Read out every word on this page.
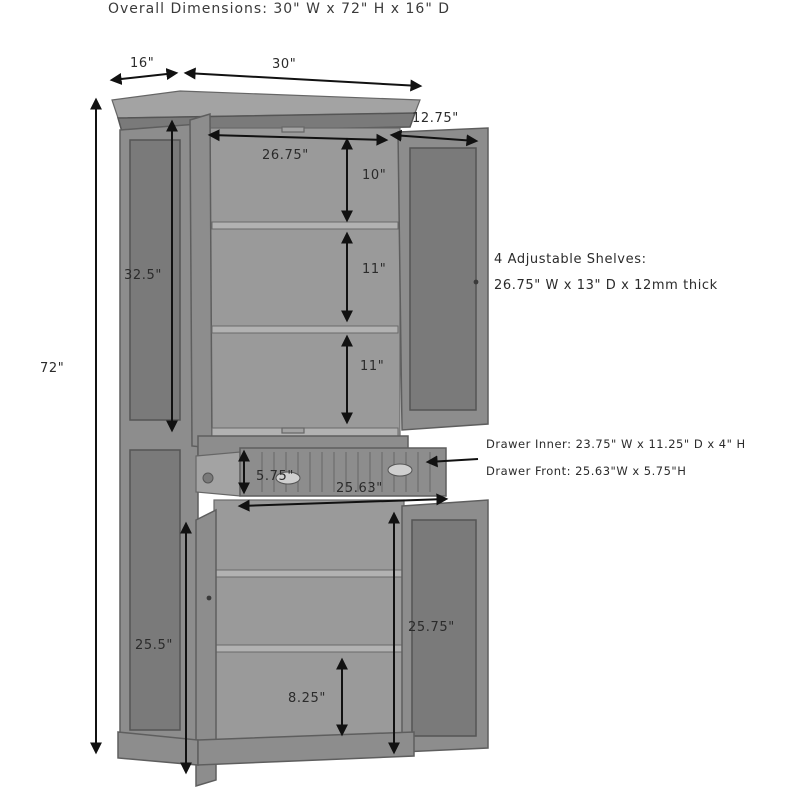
Overall Dimensions: 30" W x 72" H x 16" D
16"	30"
72"
32.5"
26.75"
12.75"
10"
11"
11"
5.75"
25.63"
25.5"
25.75"
8.25"
4 Adjustable Shelves:
26.75" W x 13" D x 12mm thick
Drawer Inner: 23.75" W x 11.25" D x 4" H
Drawer Front: 25.63"W x 5.75"H
